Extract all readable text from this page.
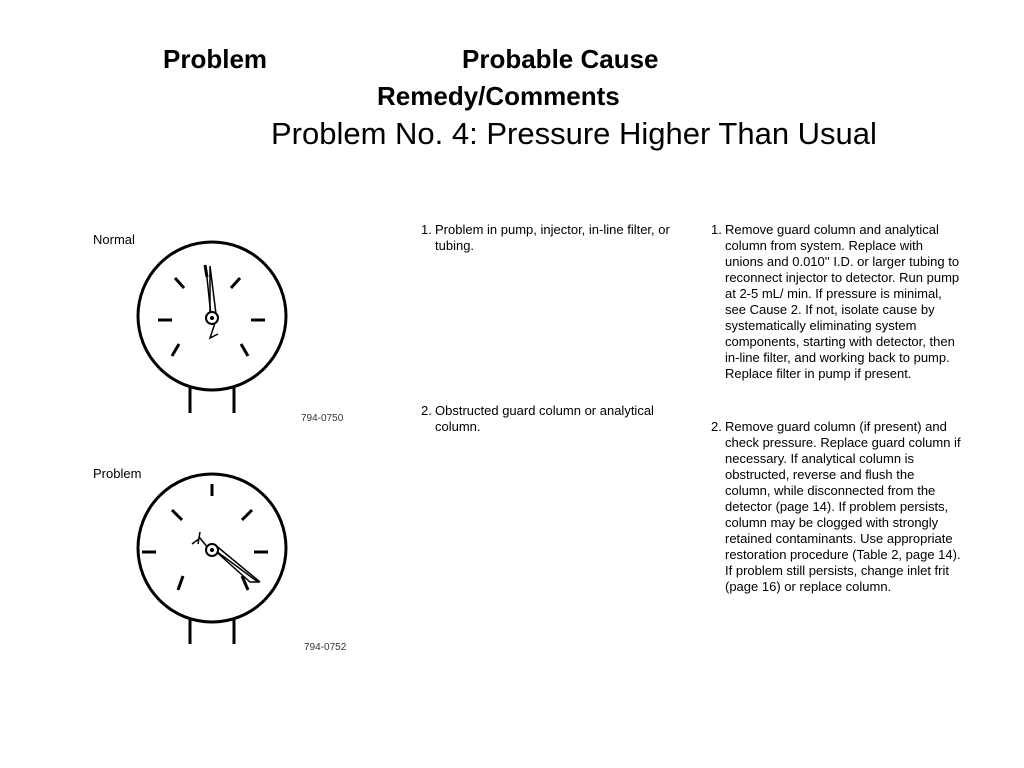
Problem	Probable Cause
Remedy/Comments
Problem No. 4: Pressure Higher Than Usual
Normal
794-0750
Problem
794-0752
1. Problem in pump, injector, in-line filter, or tubing.
2. Obstructed guard column or analytical column.
1. Remove guard column and analytical column from system. Replace with unions and 0.010'' I.D. or larger tubing to reconnect injector to detector. Run pump at 2-5 mL/ min. If pressure is minimal, see Cause 2. If not, isolate cause by systematically eliminating system components, starting with detector, then in-line filter, and working back to pump. Replace filter in pump if present.
2. Remove guard column (if present) and check pressure. Replace guard column if necessary. If analytical column is obstructed, reverse and flush the column, while disconnected from the detector (page 14). If problem persists, column may be clogged with strongly retained contaminants. Use appropriate restoration procedure (Table 2, page 14). If problem still persists, change inlet frit (page 16) or replace column.
